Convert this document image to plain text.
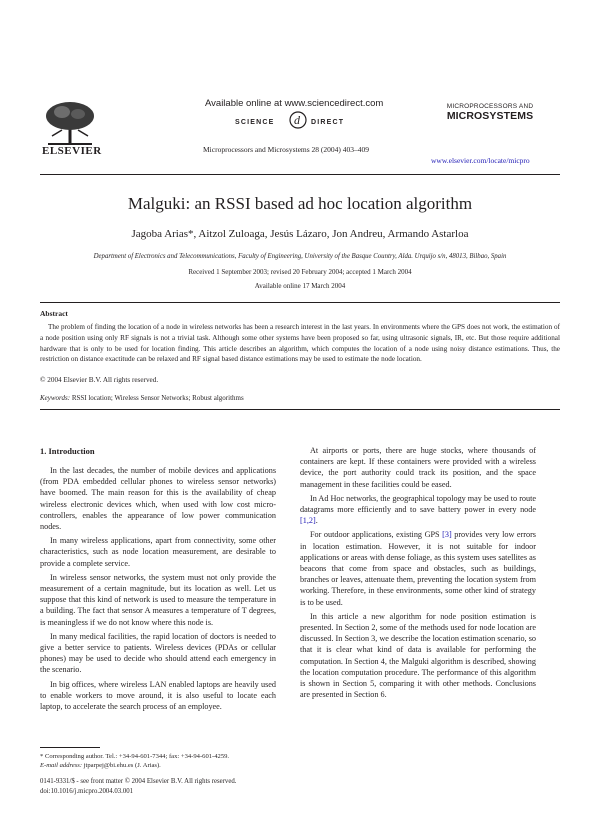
ELSEVIER
Available online at www.sciencedirect.com
SCIENCE d DIRECT
Microprocessors and Microsystems 28 (2004) 403–409
MICROPROCESSORS AND
MICROSYSTEMS
www.elsevier.com/locate/micpro
Malguki: an RSSI based ad hoc location algorithm
Jagoba Arias*, Aitzol Zuloaga, Jesús Lázaro, Jon Andreu, Armando Astarloa
Department of Electronics and Telecommunications, Faculty of Engineering, University of the Basque Country, Alda. Urquijo s/n, 48013, Bilbao, Spain
Received 1 September 2003; revised 20 February 2004; accepted 1 March 2004
Available online 17 March 2004
Abstract

The problem of finding the location of a node in wireless networks has been a research interest in the last years. In environments where the GPS does not work, the estimation of a node position using only RF signals is not a trivial task. Although some other systems have been proposed so far, using ultrasonic signals, IR, etc. But those require additional hardware that is only to be used for location finding. This article describes an algorithm, which computes the location of a node using noisy distance estimations. Thus, the restriction on distance exactitude can be relaxed and RF signal based distance estimations may be used to estimate the node location.

© 2004 Elsevier B.V. All rights reserved.
Keywords: RSSI location; Wireless Sensor Networks; Robust algorithms
1. Introduction

In the last decades, the number of mobile devices and applications (from PDA embedded cellular phones to wireless sensor networks) have boomed. The main reason for this is the availability of cheap wireless electronic devices which, when used with low cost micro-controllers, enables the appearance of low power communication nodes.

In many wireless applications, apart from connectivity, some other characteristics, such as node location measurement, are desirable to provide a complete service.

In wireless sensor networks, the system must not only provide the measurement of a certain magnitude, but its location as well. Let us suppose that this kind of network is used to measure the temperature in a building. The fact that sensor A measures a temperature of T degrees, is meaningless if we do not know where this node is.

In many medical facilities, the rapid location of doctors is needed to give a better service to patients. Wireless devices (PDAs or cellular phones) may be used to decide who should attend each emergency in the scenario.

In big offices, where wireless LAN enabled laptops are heavily used to enable workers to move around, it is also useful to locate each laptop, to accelerate the search process of an employee.

At airports or ports, there are huge stocks, where thousands of containers are kept. If these containers were provided with a wireless device, the port authority could track its position, and the space management in these facilities could be eased.

In Ad Hoc networks, the geographical topology may be used to route datagrams more efficiently and to save battery power in every node [1,2].

For outdoor applications, existing GPS [3] provides very low errors in location estimation. However, it is not suitable for indoor applications or areas with dense foliage, as this system uses satellites as beacons that come from space and obstacles, such as buildings, branches or leaves, attenuate them, preventing the location system from working. Therefore, in these environments, some other kind of strategy is to be used.

In this article a new algorithm for node position estimation is presented. In Section 2, some of the methods used for node location are discussed. In Section 3, we describe the location estimation scenario, so that it is clear what kind of data is available for performing the computation. In Section 4, the Malguki algorithm is described, showing the location computation procedure. The performance of this algorithm is shown in Section 5, comparing it with other methods. Conclusions are presented in Section 6.

* Corresponding author. Tel.: +34-94-601-7344; fax: +34-94-601-4259.
E-mail address: jtparpej@bi.ehu.es (J. Arias).
0141-9331/$ - see front matter © 2004 Elsevier B.V. All rights reserved.
doi:10.1016/j.micpro.2004.03.001
